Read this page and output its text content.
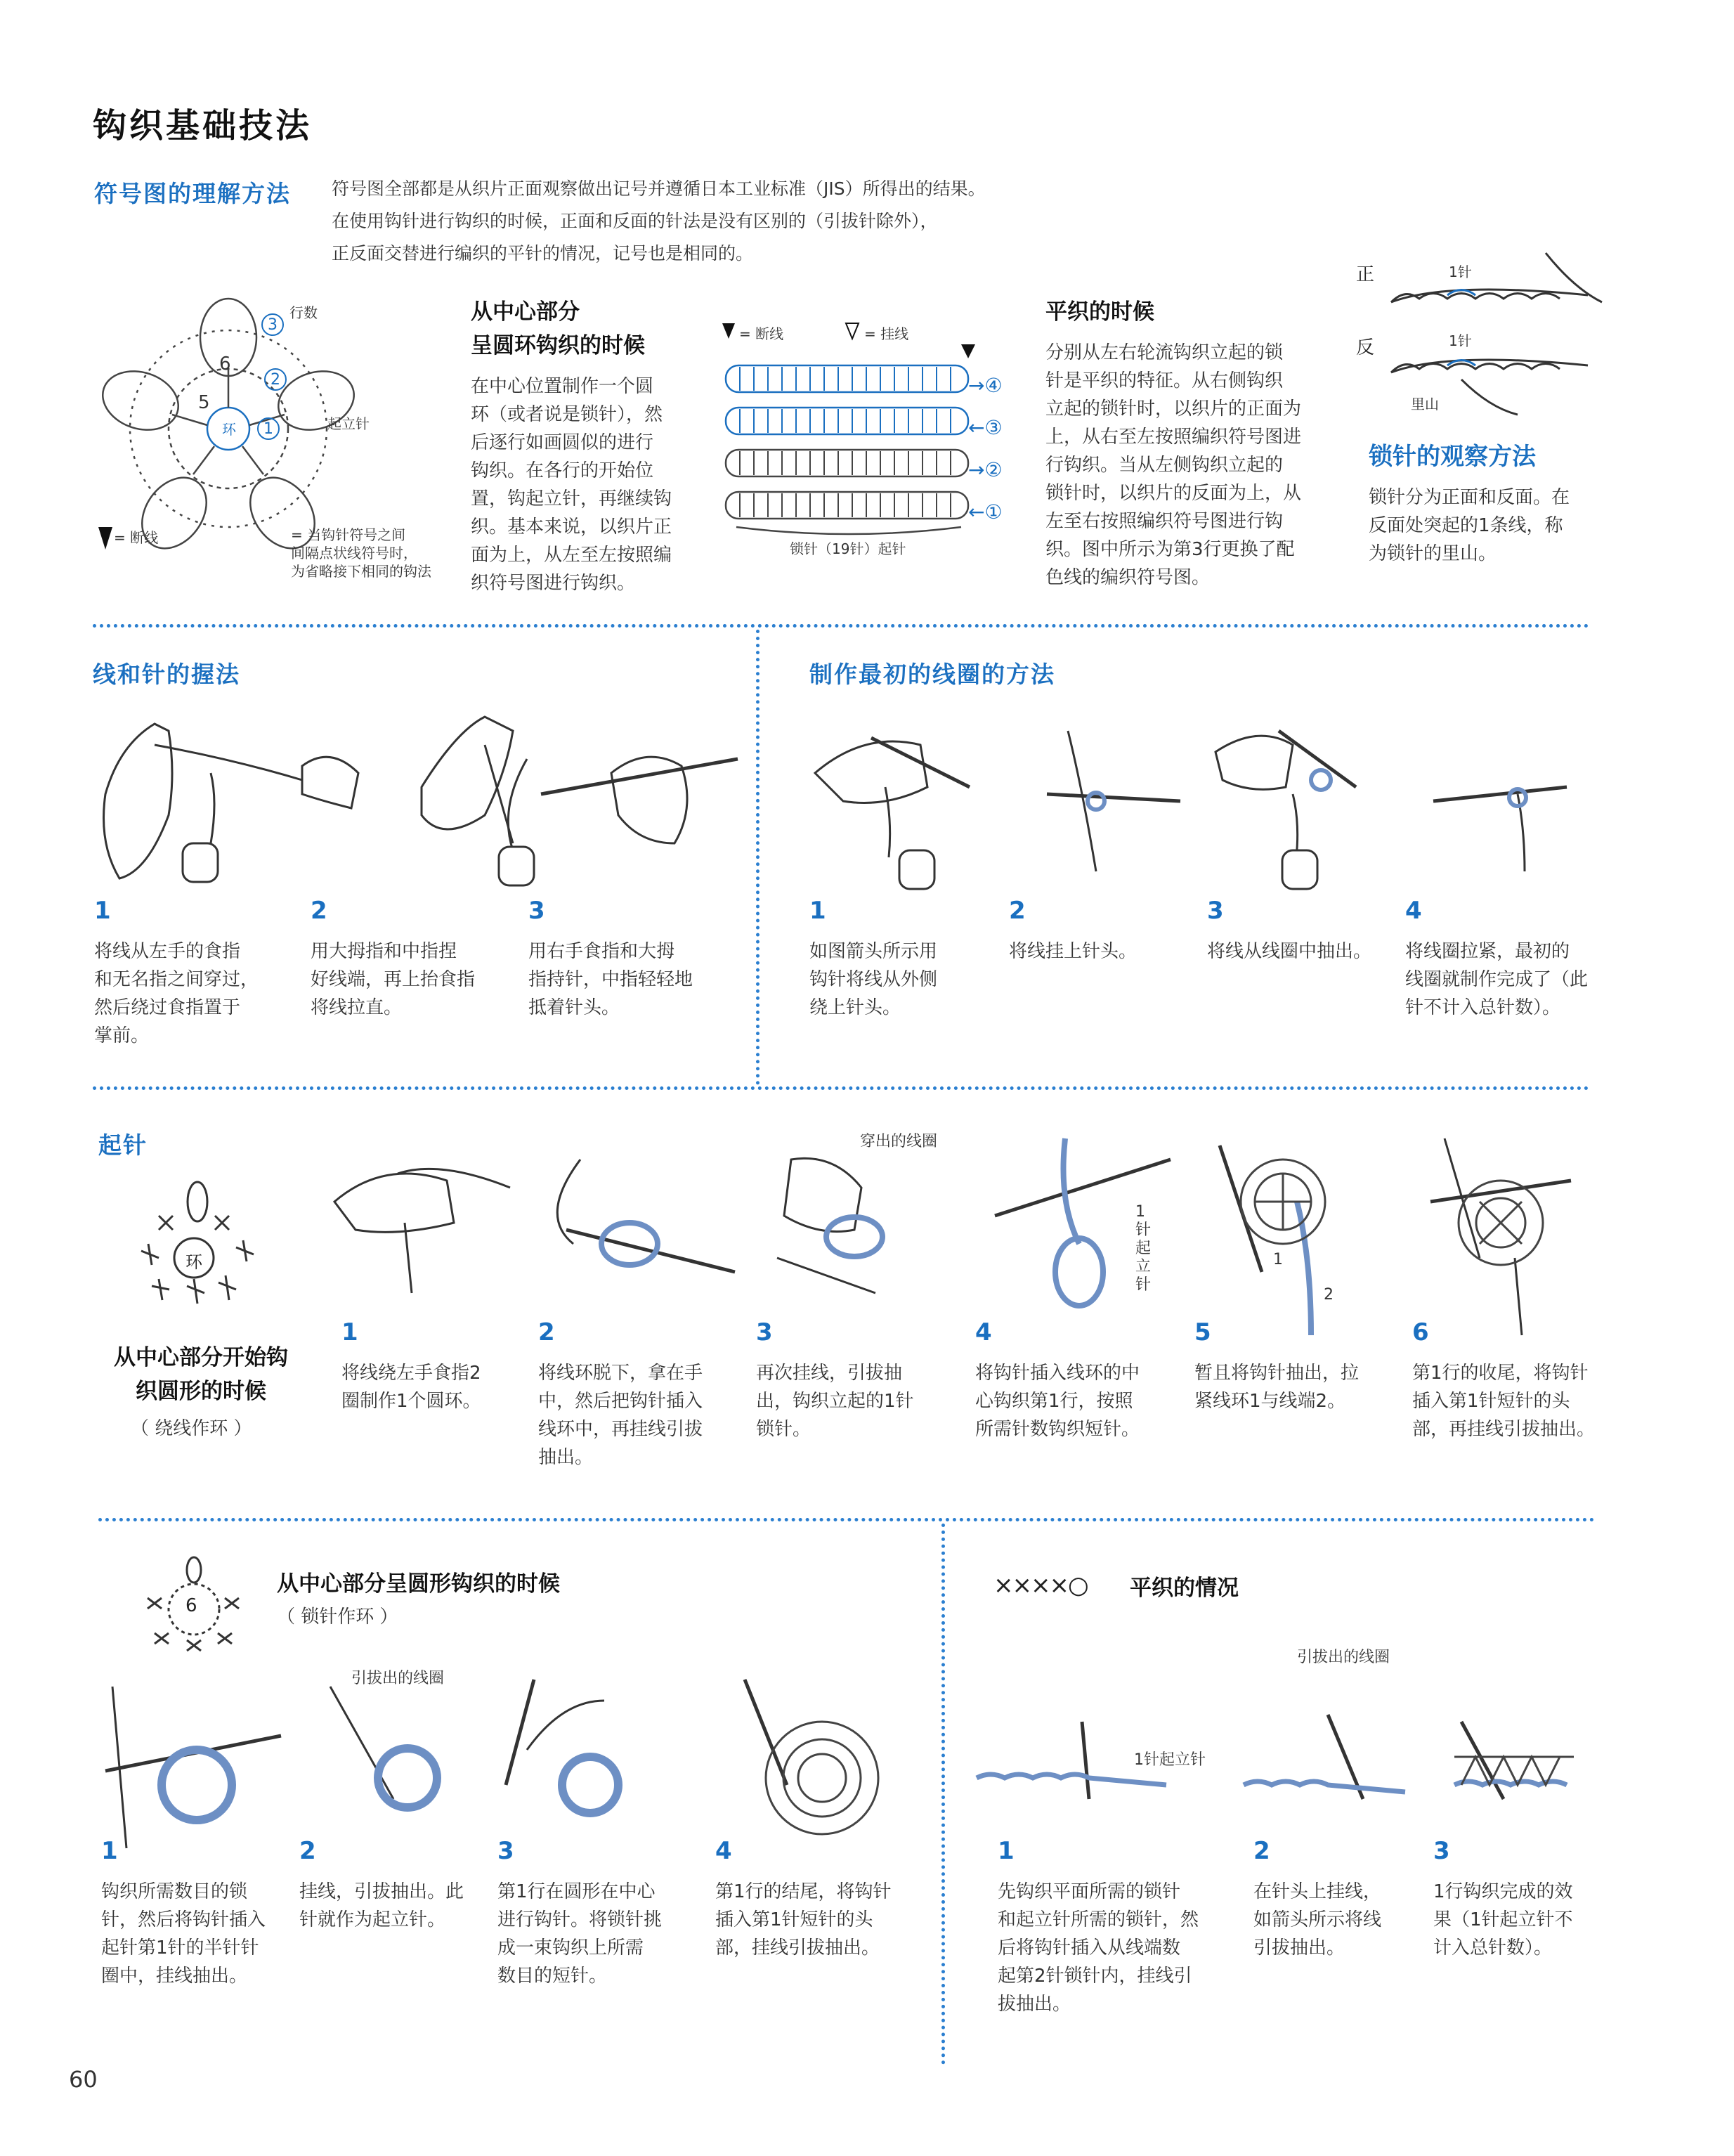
钩织基础技法
符号图的理解方法 符号图全部都是从织片正面观察做出记号并遵循日本工业标准（JIS）所得出的结果。
在使用钩针进行钩织的时候，正面和反面的针法是没有区别的（引拔针除外），
正反面交替进行编织的平针的情况，记号也是相同的。
3
2
1
5
6
环
行数
起立针
= 断线	= 当钩针符号之间
间隔点状线符号时，
为省略接下相同的钩法
从中心部分
呈圆环钩织的时候
在中心位置制作一个圆
环（或者说是锁针），然
后逐行如画圆似的进行
钩织。在各行的开始位
置，钩起立针，再继续钩
织。基本来说，以织片正
面为上，从左至左按照编
织符号图进行钩织。
= 断线	= 挂线
→④
←③
→②
←①
锁针（19针）起针
平织的时候
分别从左右轮流钩织立起的锁
针是平织的特征。从右侧钩织
立起的锁针时，以织片的正面为
上，从右至左按照编织符号图进
行钩织。当从左侧钩织立起的
锁针时，以织片的反面为上，从
左至右按照编织符号图进行钩
织。图中所示为第3行更换了配
色线的编织符号图。
正	1针
反	1针
里山
锁针的观察方法
锁针分为正面和反面。在
反面处突起的1条线，称
为锁针的里山。
线和针的握法
1
将线从左手的食指
和无名指之间穿过，
然后绕过食指置于
掌前。
2
用大拇指和中指捏
好线端，再上抬食指
将线拉直。
3
用右手食指和大拇
指持针，中指轻轻地
抵着针头。
制作最初的线圈的方法
1
如图箭头所示用
钩针将线从外侧
绕上针头。
2
将线挂上针头。
3
将线从线圈中抽出。
4
将线圈拉紧，最初的
线圈就制作完成了（此
针不计入总针数）。
起针
环
从中心部分开始钩
织圆形的时候
（ 绕线作环 ）
穿出的线圈
1
针
起
立
针
1
2
1
将线绕左手食指2
圈制作1个圆环。
2
将线环脱下，拿在手
中，然后把钩针插入
线环中，再挂线引拔
抽出。
3
再次挂线，引拔抽
出，钩织立起的1针
锁针。
4
将钩针插入线环的中
心钩织第1行，按照
所需针数钩织短针。
5
暂且将钩针抽出，拉
紧线环1与线端2。
6
第1行的收尾，将钩针
插入第1针短针的头
部，再挂线引拔抽出。
6
从中心部分呈圆形钩织的时候
（ 锁针作环 ）
引拔出的线圈
1
钩织所需数目的锁
针，然后将钩针插入
起针第1针的半针针
圈中，挂线抽出。
2
挂线，引拔抽出。此
针就作为起立针。
3
第1行在圆形在中心
进行钩针。将锁针挑
成一束钩织上所需
数目的短针。
4
第1行的结尾，将钩针
插入第1针短针的头
部，挂线引拔抽出。
××××○ 平织的情况
引拔出的线圈
1针起立针
1
先钩织平面所需的锁针
和起立针所需的锁针，然
后将钩针插入从线端数
起第2针锁针内，挂线引
拔抽出。
2
在针头上挂线，
如箭头所示将线
引拔抽出。
3
1行钩织完成的效
果（1针起立针不
计入总针数）。
60
